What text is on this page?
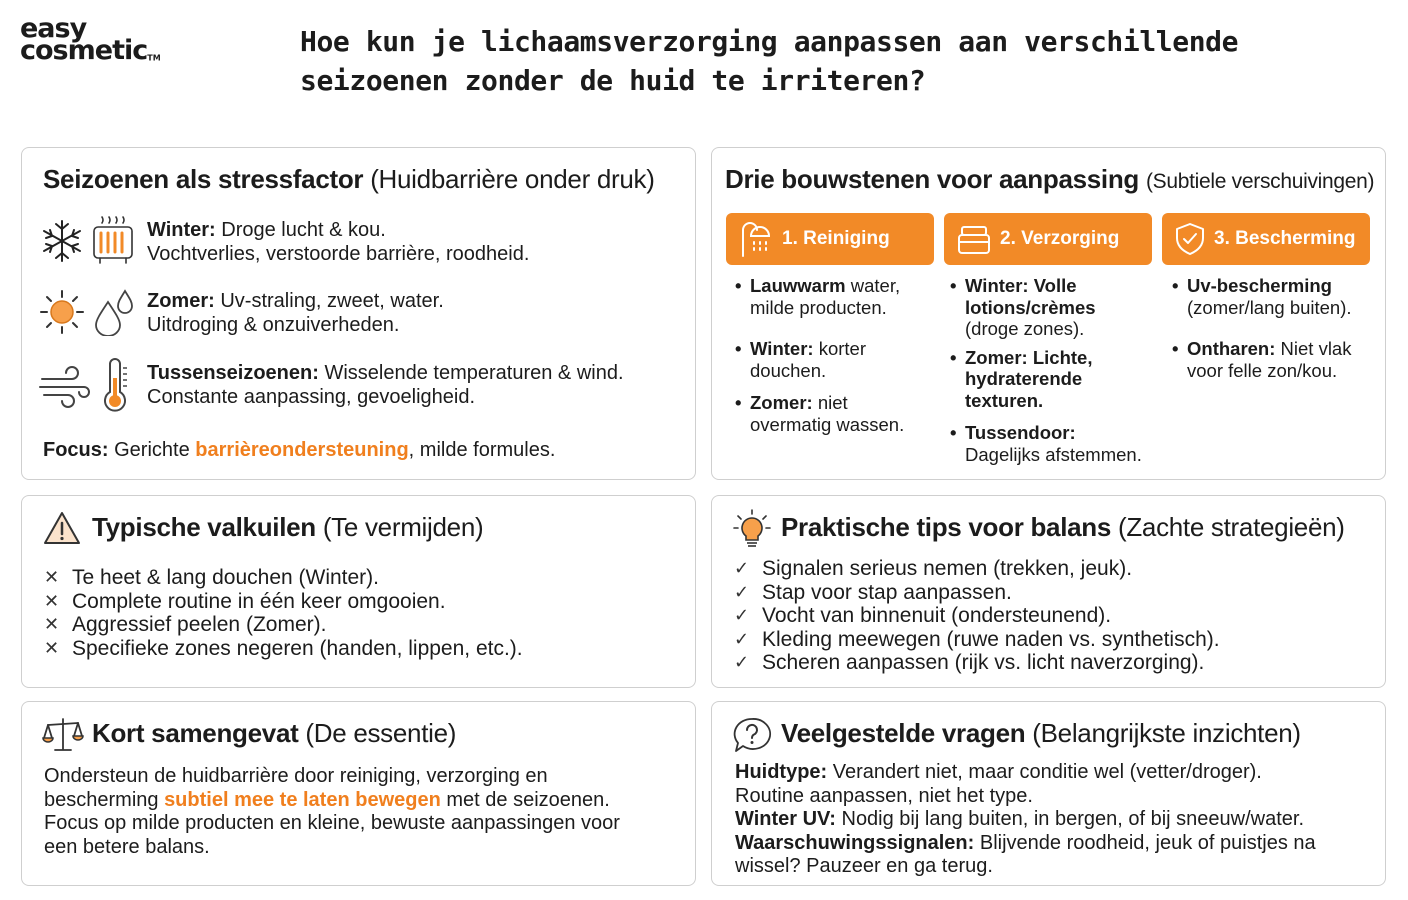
easy
cosmeticTM
Hoe kun je lichaamsverzorging aanpassen aan verschillende
seizoenen zonder de huid te irriteren?
Seizoenen als stressfactor (Huidbarrière onder druk)
Winter: Droge lucht & kou.
Vochtverlies, verstoorde barrière, roodheid.
Zomer: Uv-straling, zweet, water.
Uitdroging & onzuiverheden.
Tussenseizoenen: Wisselende temperaturen & wind.
Constante aanpassing, gevoeligheid.
Focus: Gerichte barrièreondersteuning, milde formules.
Drie bouwstenen voor aanpassing (Subtiele verschuivingen)
1. Reiniging	2. Verzorging	3. Bescherming
• Lauwwarm water,
milde producten.
• Winter: korter
douchen.
• Zomer: niet
overmatig wassen.
• Winter: Volle
lotions/crèmes
(droge zones).
• Zomer: Lichte,
hydraterende
texturen.
• Tussendoor:
Dagelijks afstemmen.
• Uv-bescherming
(zomer/lang buiten).
• Ontharen: Niet vlak
voor felle zon/kou.
Typische valkuilen (Te vermijden)
✕ Te heet & lang douchen (Winter).
✕ Complete routine in één keer omgooien.
✕ Aggressief peelen (Zomer).
✕ Specifieke zones negeren (handen, lippen, etc.).
Praktische tips voor balans (Zachte strategieën)
✓ Signalen serieus nemen (trekken, jeuk).
✓ Stap voor stap aanpassen.
✓ Vocht van binnenuit (ondersteunend).
✓ Kleding meewegen (ruwe naden vs. synthetisch).
✓ Scheren aanpassen (rijk vs. licht naverzorging).
Kort samengevat (De essentie)
Ondersteun de huidbarrière door reiniging, verzorging en
bescherming subtiel mee te laten bewegen met de seizoenen.
Focus op milde producten en kleine, bewuste aanpassingen voor
een betere balans.
Veelgestelde vragen (Belangrijkste inzichten)
Huidtype: Verandert niet, maar conditie wel (vetter/droger).
Routine aanpassen, niet het type.
Winter UV: Nodig bij lang buiten, in bergen, of bij sneeuw/water.
Waarschuwingssignalen: Blijvende roodheid, jeuk of puistjes na
wissel? Pauzeer en ga terug.
